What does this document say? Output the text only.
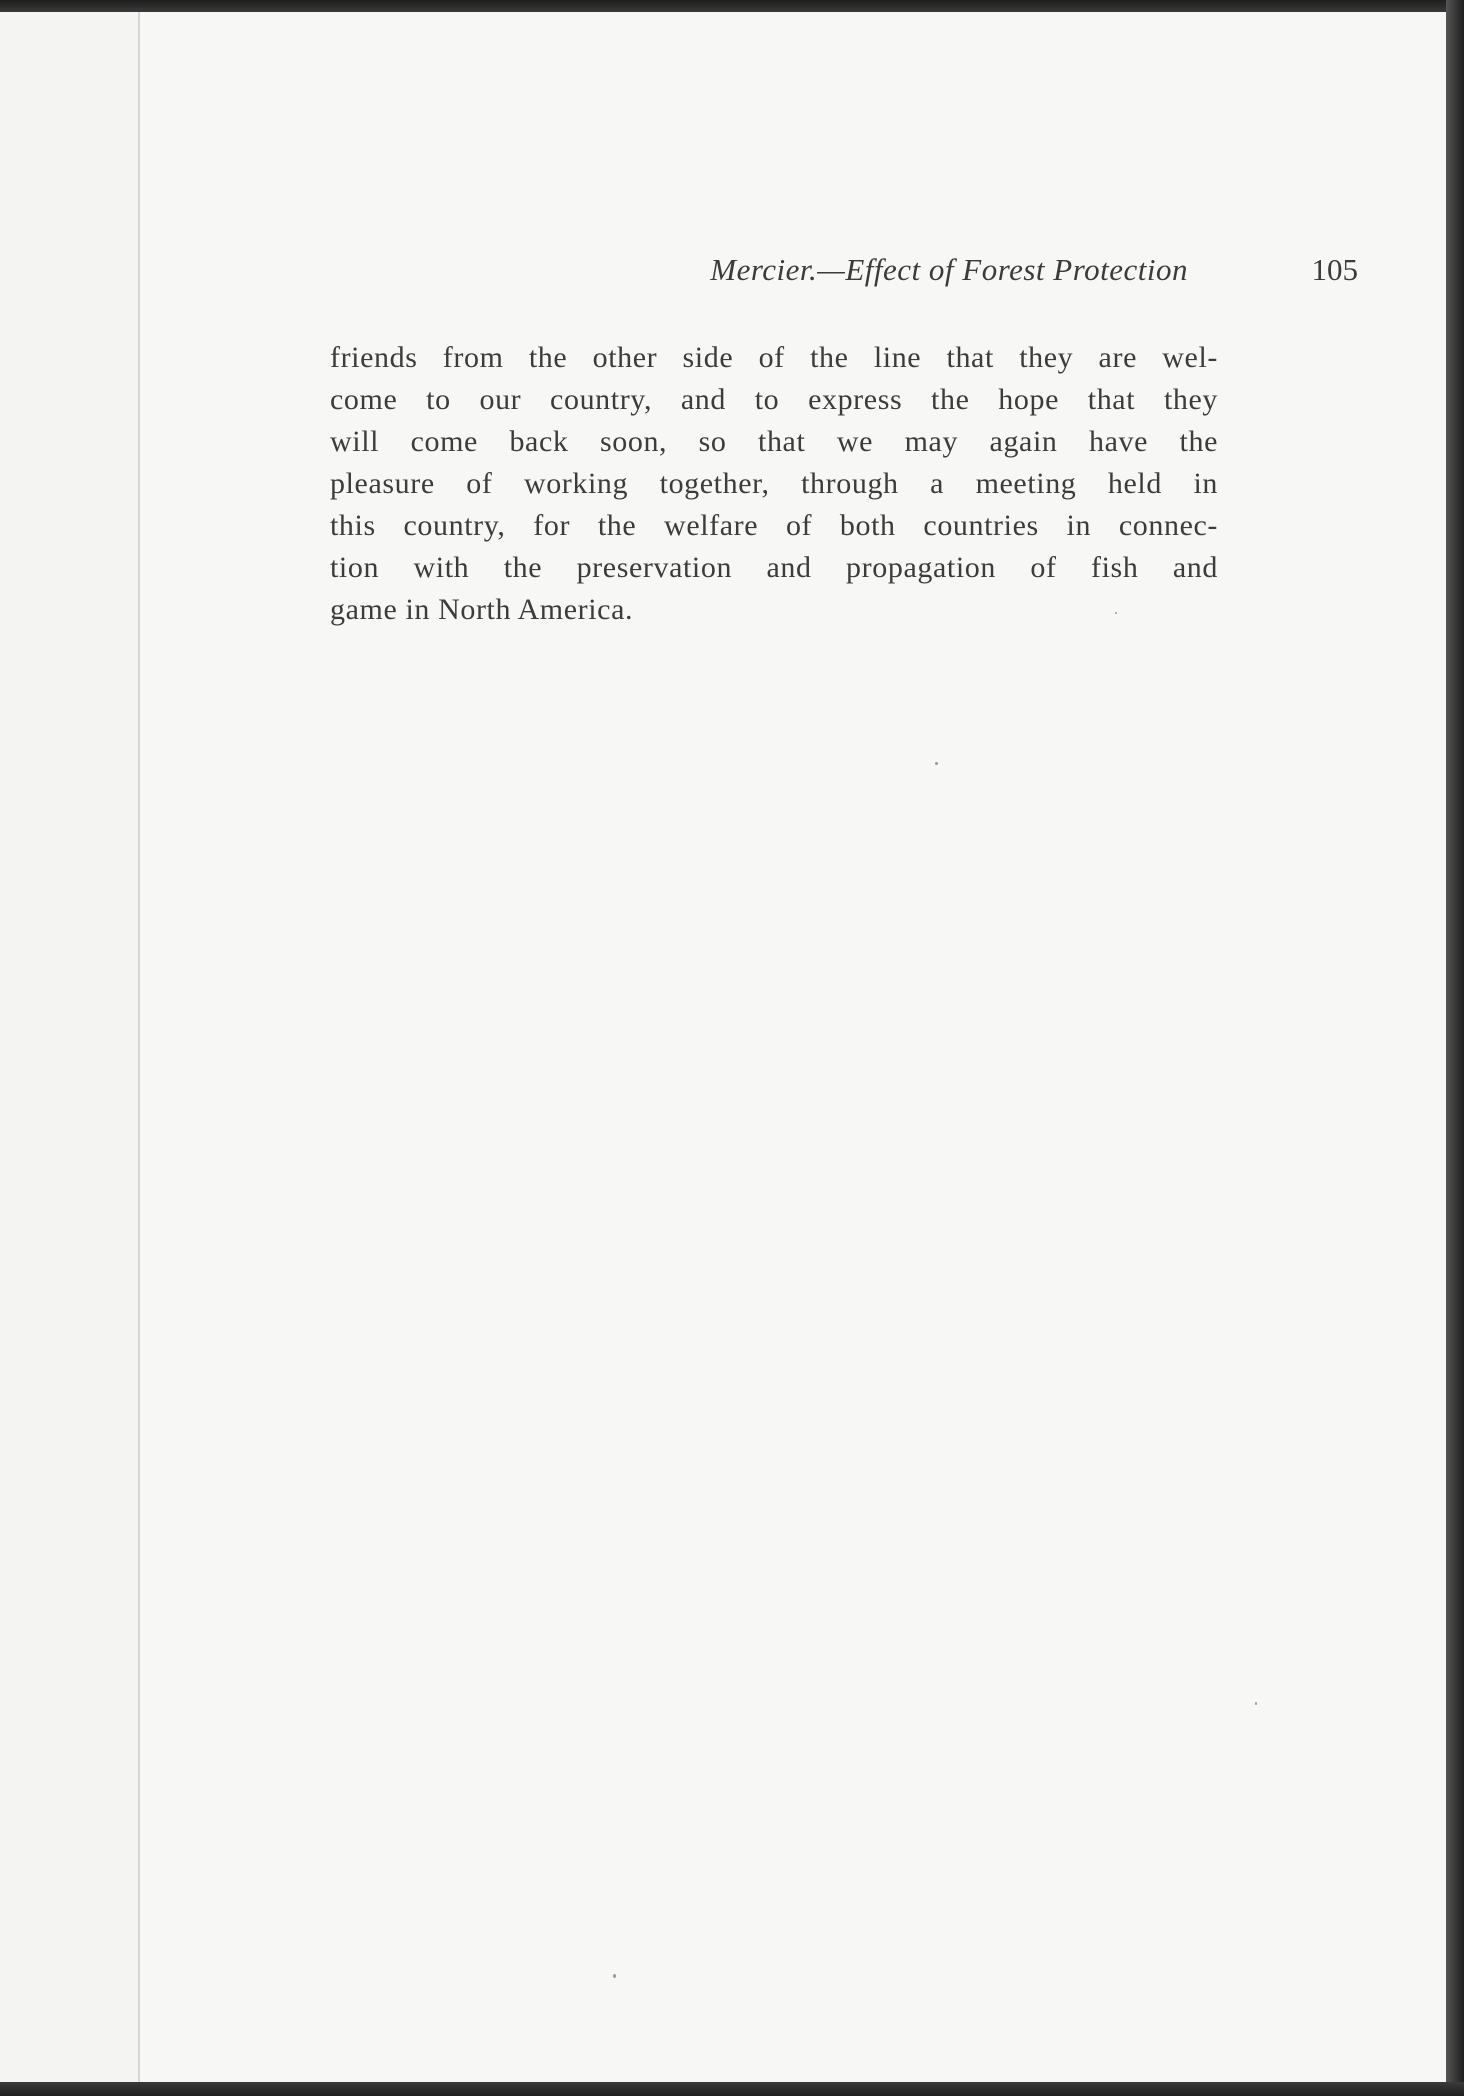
Mercier.—Effect of Forest Protection	105
friends from the other side of the line that they are wel-
come to our country, and to express the hope that they
will come back soon, so that we may again have the
pleasure of working together, through a meeting held in
this country, for the welfare of both countries in connec-
tion with the preservation and propagation of fish and
game in North America.
